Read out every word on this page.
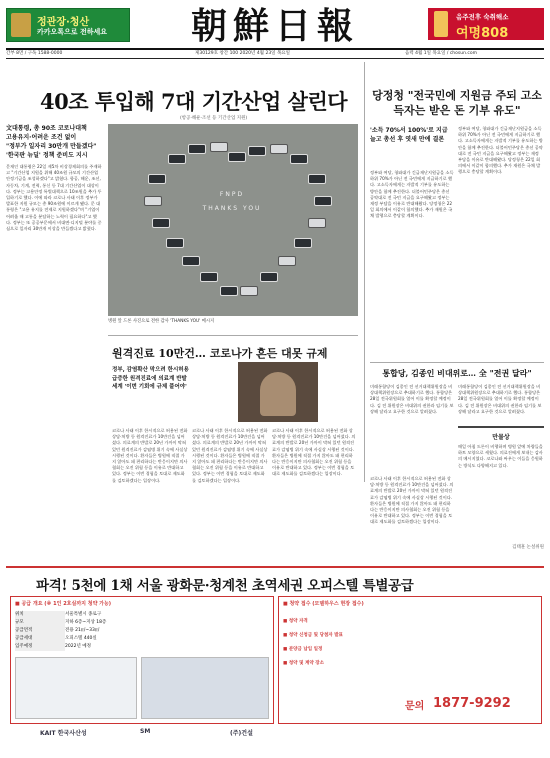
정관장·청산
카카오톡으로 전하세요	朝鮮日報	음주전후 숙취해소
여명808
간부 8면 / 구독 1588-0000	제30129호 창간 100 2020년 4월 23일 목요일	음력 4월 1일 목요일 / chosun.com
40조 투입해 7대 기간산업 살린다
(항공·해운·조선 등 기간산업 지원)
文대통령, 총 90조 코로나대책
고용유지·어려운 조건 없이
"정부가 일자리 30만개 만들겠다"
'한국판 뉴딜' 정책 준비도 지시
문재인 대통령은 22일 제5차 비상경제회의를 주재하고 "기간산업 지원을 위해 40조원 규모의 기간산업안정기금을 조성하겠다"고 밝혔다. 항공, 해운, 조선, 자동차, 기계, 전력, 통신 등 7대 기간산업이 대상이다. 정부는 고용안정 특별대책으로 10조원을 추가 투입하기로 했다. 이에 따라 코로나 사태 이후 정부가 발표한 지원 규모는 총 90조원에 이르게 됐다. 문 대통령은 "고용 유지를 전제로 지원하겠다"며 "기업이 어려울 때 고통을 분담하는 노력이 필요하다"고 했다. 정부는 또 공공부문에서 비대면·디지털 분야를 중심으로 일자리 30만개 이상을 만들겠다고 밝혔다.
FNPD THANKS YOU
병원 앞 드론 사진으로 전한 감사 'THANKS YOU' 메시지
당정청 "전국민에 지원금 주되 고소득자는 받은 돈 기부 유도"
'소득 70%서 100%'로 지급 늘고 총선 후 엿새 만에 결론
정부와 여당, 청와대가 긴급재난지원금을 소득 하위 70%가 아닌 전 국민에게 지급하기로 했다. 고소득자에게는 자발적 기부를 유도하는 방안을 함께 추진한다. 더불어민주당은 총선 공약대로 전 국민 지급을 요구해왔고 정부는 재정 부담을 이유로 반대해왔다. 당정청은 22일 회의에서 이같이 합의했다. 추가 재원은 국채 발행으로 충당할 계획이다.
정부와 여당, 청와대가 긴급재난지원금을 소득 하위 70%가 아닌 전 국민에게 지급하기로 했다. 고소득자에게는 자발적 기부를 유도하는 방안을 함께 추진한다. 더불어민주당은 총선 공약대로 전 국민 지급을 요구해왔고 정부는 재정 부담을 이유로 반대해왔다. 당정청은 22일 회의에서 이같이 합의했다. 추가 재원은 국채 발행으로 충당할 계획이다.
통합당, 김종인 비대위로… 全 "전권 달라"
미래통합당이 김종인 전 선거대책위원장을 비상대책위원장으로 추대하기로 했다. 통합당은 28일 전국위원회를 열어 이를 확정할 예정이다. 김 전 위원장은 비대위의 권한과 임기를 보장해 달라고 요구한 것으로 알려졌다.
미래통합당이 김종인 전 선거대책위원장을 비상대책위원장으로 추대하기로 했다. 통합당은 28일 전국위원회를 열어 이를 확정할 예정이다. 김 전 위원장은 비대위의 권한과 임기를 보장해 달라고 요구한 것으로 알려졌다.
만물상
매일 아침 드론이 비행하며 병원 앞에 차량들을 하트 모양으로 세웠다. 의료진에게 보내는 감사의 메시지였다. 코로나와 싸우는 이들을 응원하는 방식도 다양해지고 있다.
김태훈 논설위원
원격진료 10만건… 코로나가 흔든 대못 규제
정부, 감염확산 막으려 한시허용
급증한 원격진료에 의료계 반발
세계 '이번 기회에 규제 풀어야'
코로나 사태 이후 한시적으로 허용된 전화 상담·처방 등 원격진료가 10만건을 넘어섰다. 의료계의 반발로 20년 가까이 막혀 있던 원격진료가 감염병 위기 속에 사실상 시행된 것이다. 환자들은 병원에 직접 가지 않아도 돼 편리하다는 반응이지만 의사협회는 오진 위험 등을 이유로 반대하고 있다. 정부는 이번 경험을 토대로 제도화를 검토하겠다는 입장이다.
코로나 사태 이후 한시적으로 허용된 전화 상담·처방 등 원격진료가 10만건을 넘어섰다. 의료계의 반발로 20년 가까이 막혀 있던 원격진료가 감염병 위기 속에 사실상 시행된 것이다. 환자들은 병원에 직접 가지 않아도 돼 편리하다는 반응이지만 의사협회는 오진 위험 등을 이유로 반대하고 있다. 정부는 이번 경험을 토대로 제도화를 검토하겠다는 입장이다.
코로나 사태 이후 한시적으로 허용된 전화 상담·처방 등 원격진료가 10만건을 넘어섰다. 의료계의 반발로 20년 가까이 막혀 있던 원격진료가 감염병 위기 속에 사실상 시행된 것이다. 환자들은 병원에 직접 가지 않아도 돼 편리하다는 반응이지만 의사협회는 오진 위험 등을 이유로 반대하고 있다. 정부는 이번 경험을 토대로 제도화를 검토하겠다는 입장이다.
코로나 사태 이후 한시적으로 허용된 전화 상담·처방 등 원격진료가 10만건을 넘어섰다. 의료계의 반발로 20년 가까이 막혀 있던 원격진료가 감염병 위기 속에 사실상 시행된 것이다. 환자들은 병원에 직접 가지 않아도 돼 편리하다는 반응이지만 의사협회는 오진 위험 등을 이유로 반대하고 있다. 정부는 이번 경험을 토대로 제도화를 검토하겠다는 입장이다.
파격! 5천에 1채 서울 광화문·청계천 초역세권 오피스텔 특별공급
■ 공급 개요 (※ 1인 2호실까지 청약 가능)
위치	서울특별시 종로구
규모	지하 6층~지상 18층
공급면적	전용 21㎡~33㎡
공급세대	오피스텔 440실
입주예정	2022년 예정
■ 청약 접수 (모델하우스 현장 접수)
■ 청약 자격
■ 청약 신청금 및 당첨자 발표
■ 분양금 납입 일정
■ 청약 및 계약 장소
문의 1877-9292
KAIT 한국사산성	SM	(주)건설
